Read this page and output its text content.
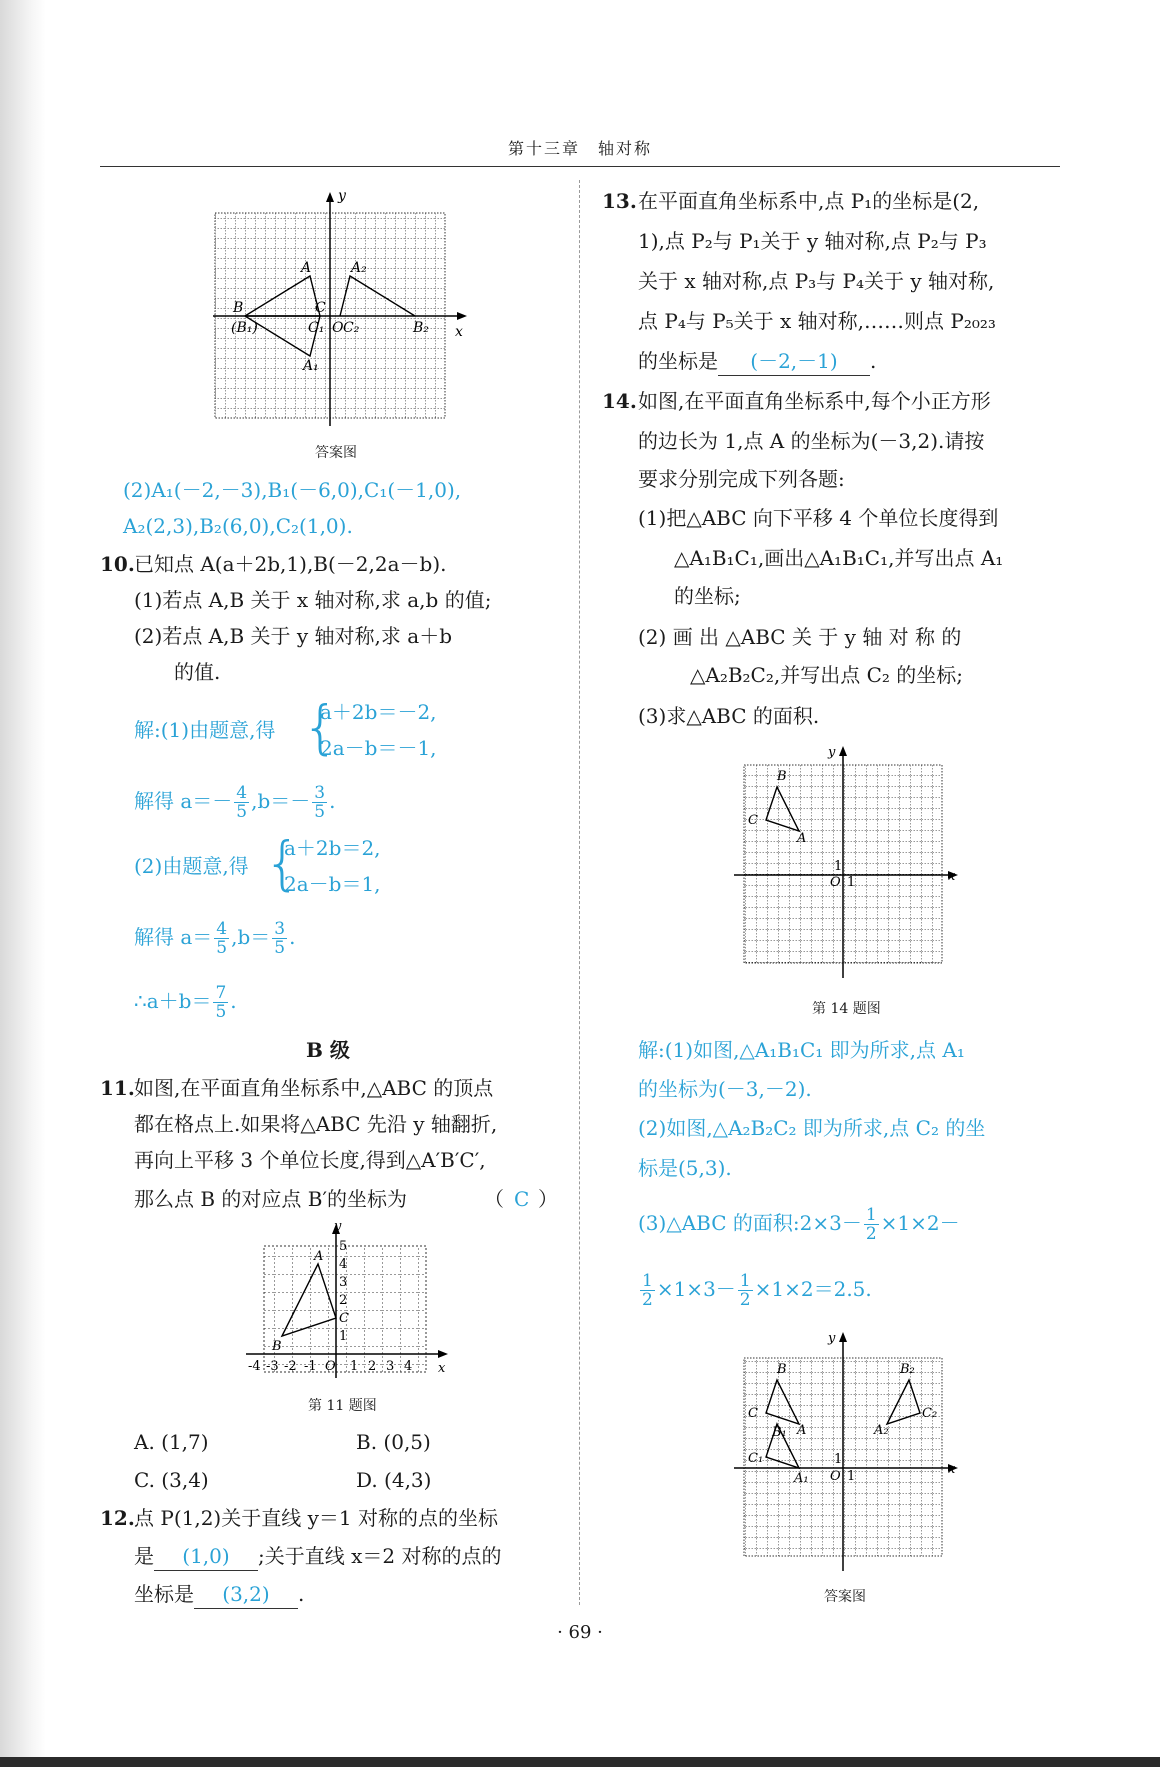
第十三章　轴对称
y
x
A	A₂
B
(B₁)
C
C₁ O C₂	B₂
A₁
答案图
(2)A₁(－2,－3),B₁(－6,0),C₁(－1,0),
A₂(2,3),B₂(6,0),C₂(1,0).
10. 已知点 A(a＋2b,1),B(－2,2a－b).
(1)若点 A,B 关于 x 轴对称,求 a,b 的值;
(2)若点 A,B 关于 y 轴对称,求 a＋b
的值.
解:(1)由题意,得 {
a＋2b＝－2,
2a－b＝－1,
解得 $a=- \frac{4}{5} ,b=- \frac{3}{5}$ .
(2)由题意,得 {
a＋2b＝2,
2a－b＝1,
解得 $a= \frac{4}{5} ,b= \frac{3}{5}$ .
∴a＋b＝ $\frac{7}{5}$ .
B 级
11. 如图,在平面直角坐标系中,△ABC 的顶点
都在格点上.如果将△ABC 先沿 y 轴翻折,
再向上平移 3 个单位长度,得到△A′B′C′,
那么点 B 的对应点 B′的坐标为	（ C ）
y
x
A
B
C
O
5
4
3
2
1
-4 -3 -2 -1	1 2 3 4
第 11 题图
A. (1,7)	B. (0,5)
C. (3,4)	D. (4,3)
12. 点 P(1,2)关于直线 y＝1 对称的点的坐标
是 (1,0) ;关于直线 x＝2 对称的点的
坐标是 (3,2) .
13. 在平面直角坐标系中,点 P₁的坐标是(2,
1),点 P₂与 P₁关于 y 轴对称,点 P₂与 P₃
关于 x 轴对称,点 P₃与 P₄关于 y 轴对称,
点 P₄与 P₅关于 x 轴对称,……则点 P₂₀₂₃
的坐标是 (－2,－1) .
14. 如图,在平面直角坐标系中,每个小正方形
的边长为 1,点 A 的坐标为(－3,2).请按
要求分别完成下列各题:
(1)把△ABC 向下平移 4 个单位长度得到
△A₁B₁C₁,画出△A₁B₁C₁,并写出点 A₁
的坐标;
(2) 画 出 △ABC 关 于 y 轴 对 称 的
△A₂B₂C₂,并写出点 C₂ 的坐标;
(3)求△ABC 的面积.
y
x
B
C
A
O 1
1
第 14 题图
解:(1)如图,△A₁B₁C₁ 即为所求,点 A₁
的坐标为(－3,－2).
(2)如图,△A₂B₂C₂ 即为所求,点 C₂ 的坐
标是(5,3).
(3)△ABC 的面积:2×3－ $\frac{1}{2} \times 1\times 2-$
$\frac{1}{2} \times 1\times 3- \frac{1}{2} \times 1\times 2=2.5$.
y
x
B
C
A
B₁
C₁
A₁
B₂
C₂
A₂
O 1
1
答案图
· 69 ·
